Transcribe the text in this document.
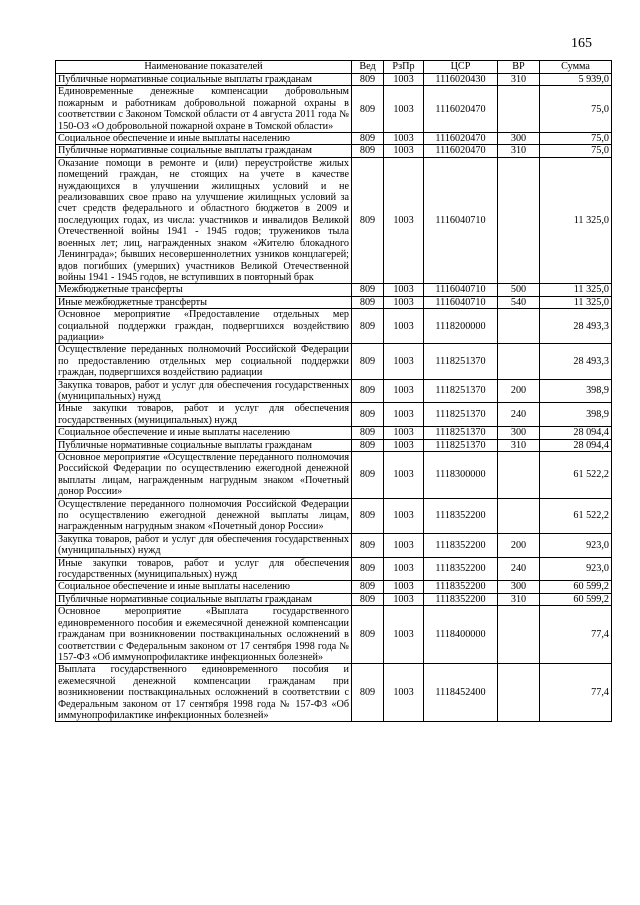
165
Наименование показателей	Вед	РзПр	ЦСР	ВР	Сумма
Публичные нормативные социальные выплаты гражданам	809	1003	1116020430	310	5 939,0
Единовременные денежные компенсации добровольным пожарным и работникам добровольной пожарной охраны в соответствии с Законом Томской области от 4 августа 2011 года № 150-ОЗ «О добровольной пожарной охране в Томской области»	809	1003	1116020470		75,0
Социальное обеспечение и иные выплаты населению	809	1003	1116020470	300	75,0
Публичные нормативные социальные выплаты гражданам	809	1003	1116020470	310	75,0
Оказание помощи в ремонте и (или) переустройстве жилых помещений граждан, не стоящих на учете в качестве нуждающихся в улучшении жилищных условий и не реализовавших свое право на улучшение жилищных условий за счет средств федерального и областного бюджетов в 2009 и последующих годах, из числа: участников и инвалидов Великой Отечественной войны 1941 - 1945 годов; тружеников тыла военных лет; лиц, награжденных знаком «Жителю блокадного Ленинграда»; бывших несовершеннолетних узников концлагерей; вдов погибших (умерших) участников Великой Отечественной войны 1941 - 1945 годов, не вступивших в повторный брак	809	1003	1116040710		11 325,0
Межбюджетные трансферты	809	1003	1116040710	500	11 325,0
Иные межбюджетные трансферты	809	1003	1116040710	540	11 325,0
Основное мероприятие «Предоставление отдельных мер социальной поддержки граждан, подвергшихся воздействию радиации»	809	1003	1118200000		28 493,3
Осуществление переданных полномочий Российской Федерации по предоставлению отдельных мер социальной поддержки граждан, подвергшихся воздействию радиации	809	1003	1118251370		28 493,3
Закупка товаров, работ и услуг для обеспечения государственных (муниципальных) нужд	809	1003	1118251370	200	398,9
Иные закупки товаров, работ и услуг для обеспечения государственных (муниципальных) нужд	809	1003	1118251370	240	398,9
Социальное обеспечение и иные выплаты населению	809	1003	1118251370	300	28 094,4
Публичные нормативные социальные выплаты гражданам	809	1003	1118251370	310	28 094,4
Основное мероприятие «Осуществление переданного полномочия Российской Федерации по осуществлению ежегодной денежной выплаты лицам, награжденным нагрудным знаком «Почетный донор России»	809	1003	1118300000		61 522,2
Осуществление переданного полномочия Российской Федерации по осуществлению ежегодной денежной выплаты лицам, награжденным нагрудным знаком «Почетный донор России»	809	1003	1118352200		61 522,2
Закупка товаров, работ и услуг для обеспечения государственных (муниципальных) нужд	809	1003	1118352200	200	923,0
Иные закупки товаров, работ и услуг для обеспечения государственных (муниципальных) нужд	809	1003	1118352200	240	923,0
Социальное обеспечение и иные выплаты населению	809	1003	1118352200	300	60 599,2
Публичные нормативные социальные выплаты гражданам	809	1003	1118352200	310	60 599,2
Основное мероприятие «Выплата государственного единовременного пособия и ежемесячной денежной компенсации гражданам при возникновении поствакцинальных осложнений в соответствии с Федеральным законом от 17 сентября 1998 года № 157-ФЗ «Об иммунопрофилактике инфекционных болезней»	809	1003	1118400000		77,4
Выплата государственного единовременного пособия и ежемесячной денежной компенсации гражданам при возникновении поствакцинальных осложнений в соответствии с Федеральным законом от 17 сентября 1998 года № 157-ФЗ «Об иммунопрофилактике инфекционных болезней»	809	1003	1118452400		77,4
